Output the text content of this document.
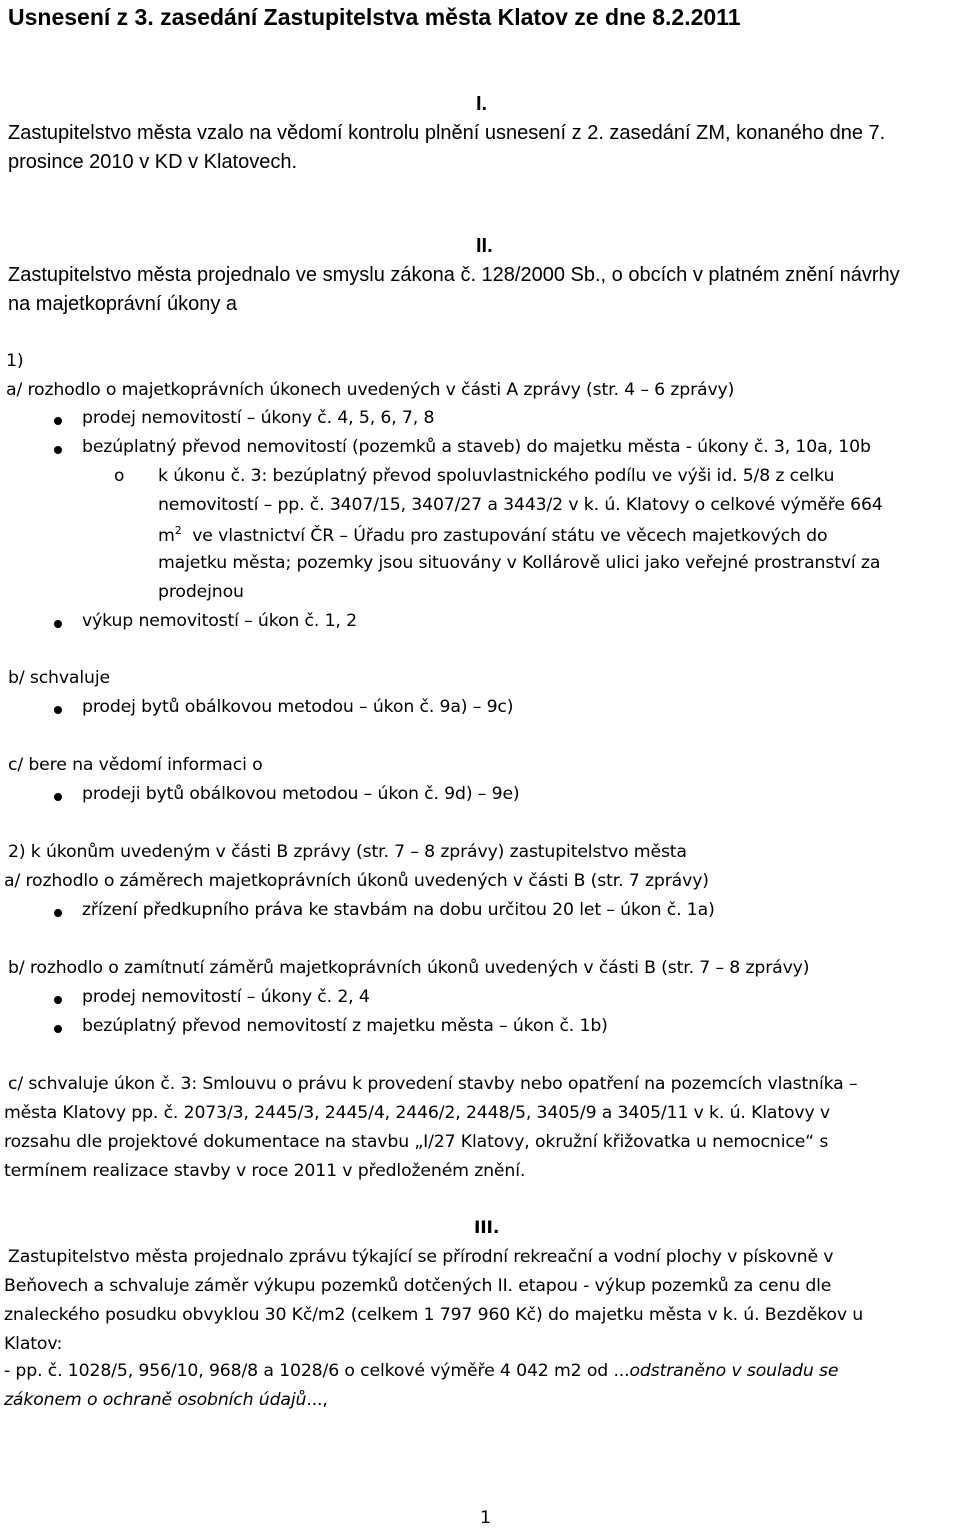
Usnesení z 3. zasedání Zastupitelstva města Klatov ze dne 8.2.2011
I.
Zastupitelstvo města vzalo na vědomí kontrolu plnění usnesení z 2. zasedání ZM, konaného dne 7.
prosince 2010 v KD v Klatovech.
II.
Zastupitelstvo města projednalo ve smyslu zákona č. 128/2000 Sb., o obcích v platném znění návrhy
na majetkoprávní úkony a
1)
a/ rozhodlo o majetkoprávních úkonech uvedených v části A zprávy (str. 4 – 6 zprávy)
prodej nemovitostí – úkony č. 4, 5, 6, 7, 8
bezúplatný převod nemovitostí (pozemků a staveb) do majetku města - úkony č. 3, 10a, 10b
o k úkonu č. 3: bezúplatný převod spoluvlastnického podílu ve výši id. 5/8 z celku
nemovitostí – pp. č. 3407/15, 3407/27 a 3443/2 v k. ú. Klatovy o celkové výměře 664
$m^2$ ve vlastnictví ČR – Úřadu pro zastupování státu ve věcech majetkových do
majetku města; pozemky jsou situovány v Kollárově ulici jako veřejné prostranství za
prodejnou
výkup nemovitostí – úkon č. 1, 2
b/ schvaluje
prodej bytů obálkovou metodou – úkon č. 9a) – 9c)
c/ bere na vědomí informaci o
prodeji bytů obálkovou metodou – úkon č. 9d) – 9e)
2) k úkonům uvedeným v části B zprávy (str. 7 – 8 zprávy) zastupitelstvo města
a/ rozhodlo o záměrech majetkoprávních úkonů uvedených v části B (str. 7 zprávy)
zřízení předkupního práva ke stavbám na dobu určitou 20 let – úkon č. 1a)
b/ rozhodlo o zamítnutí záměrů majetkoprávních úkonů uvedených v části B (str. 7 – 8 zprávy)
prodej nemovitostí – úkony č. 2, 4
bezúplatný převod nemovitostí z majetku města – úkon č. 1b)
c/ schvaluje úkon č. 3: Smlouvu o právu k provedení stavby nebo opatření na pozemcích vlastníka –
města Klatovy pp. č. 2073/3, 2445/3, 2445/4, 2446/2, 2448/5, 3405/9 a 3405/11 v k. ú. Klatovy v
rozsahu dle projektové dokumentace na stavbu „I/27 Klatovy, okružní křižovatka u nemocnice“ s
termínem realizace stavby v roce 2011 v předloženém znění.
III.
Zastupitelstvo města projednalo zprávu týkající se přírodní rekreační a vodní plochy v pískovně v
Beňovech a schvaluje záměr výkupu pozemků dotčených II. etapou - výkup pozemků za cenu dle
znaleckého posudku obvyklou 30 Kč/m2 (celkem 1 797 960 Kč) do majetku města v k. ú. Bezděkov u
Klatov:
- pp. č. 1028/5, 956/10, 968/8 a 1028/6 o celkové výměře 4 042 m2 od ...odstraněno v souladu se
zákonem o ochraně osobních údajů...,
1
